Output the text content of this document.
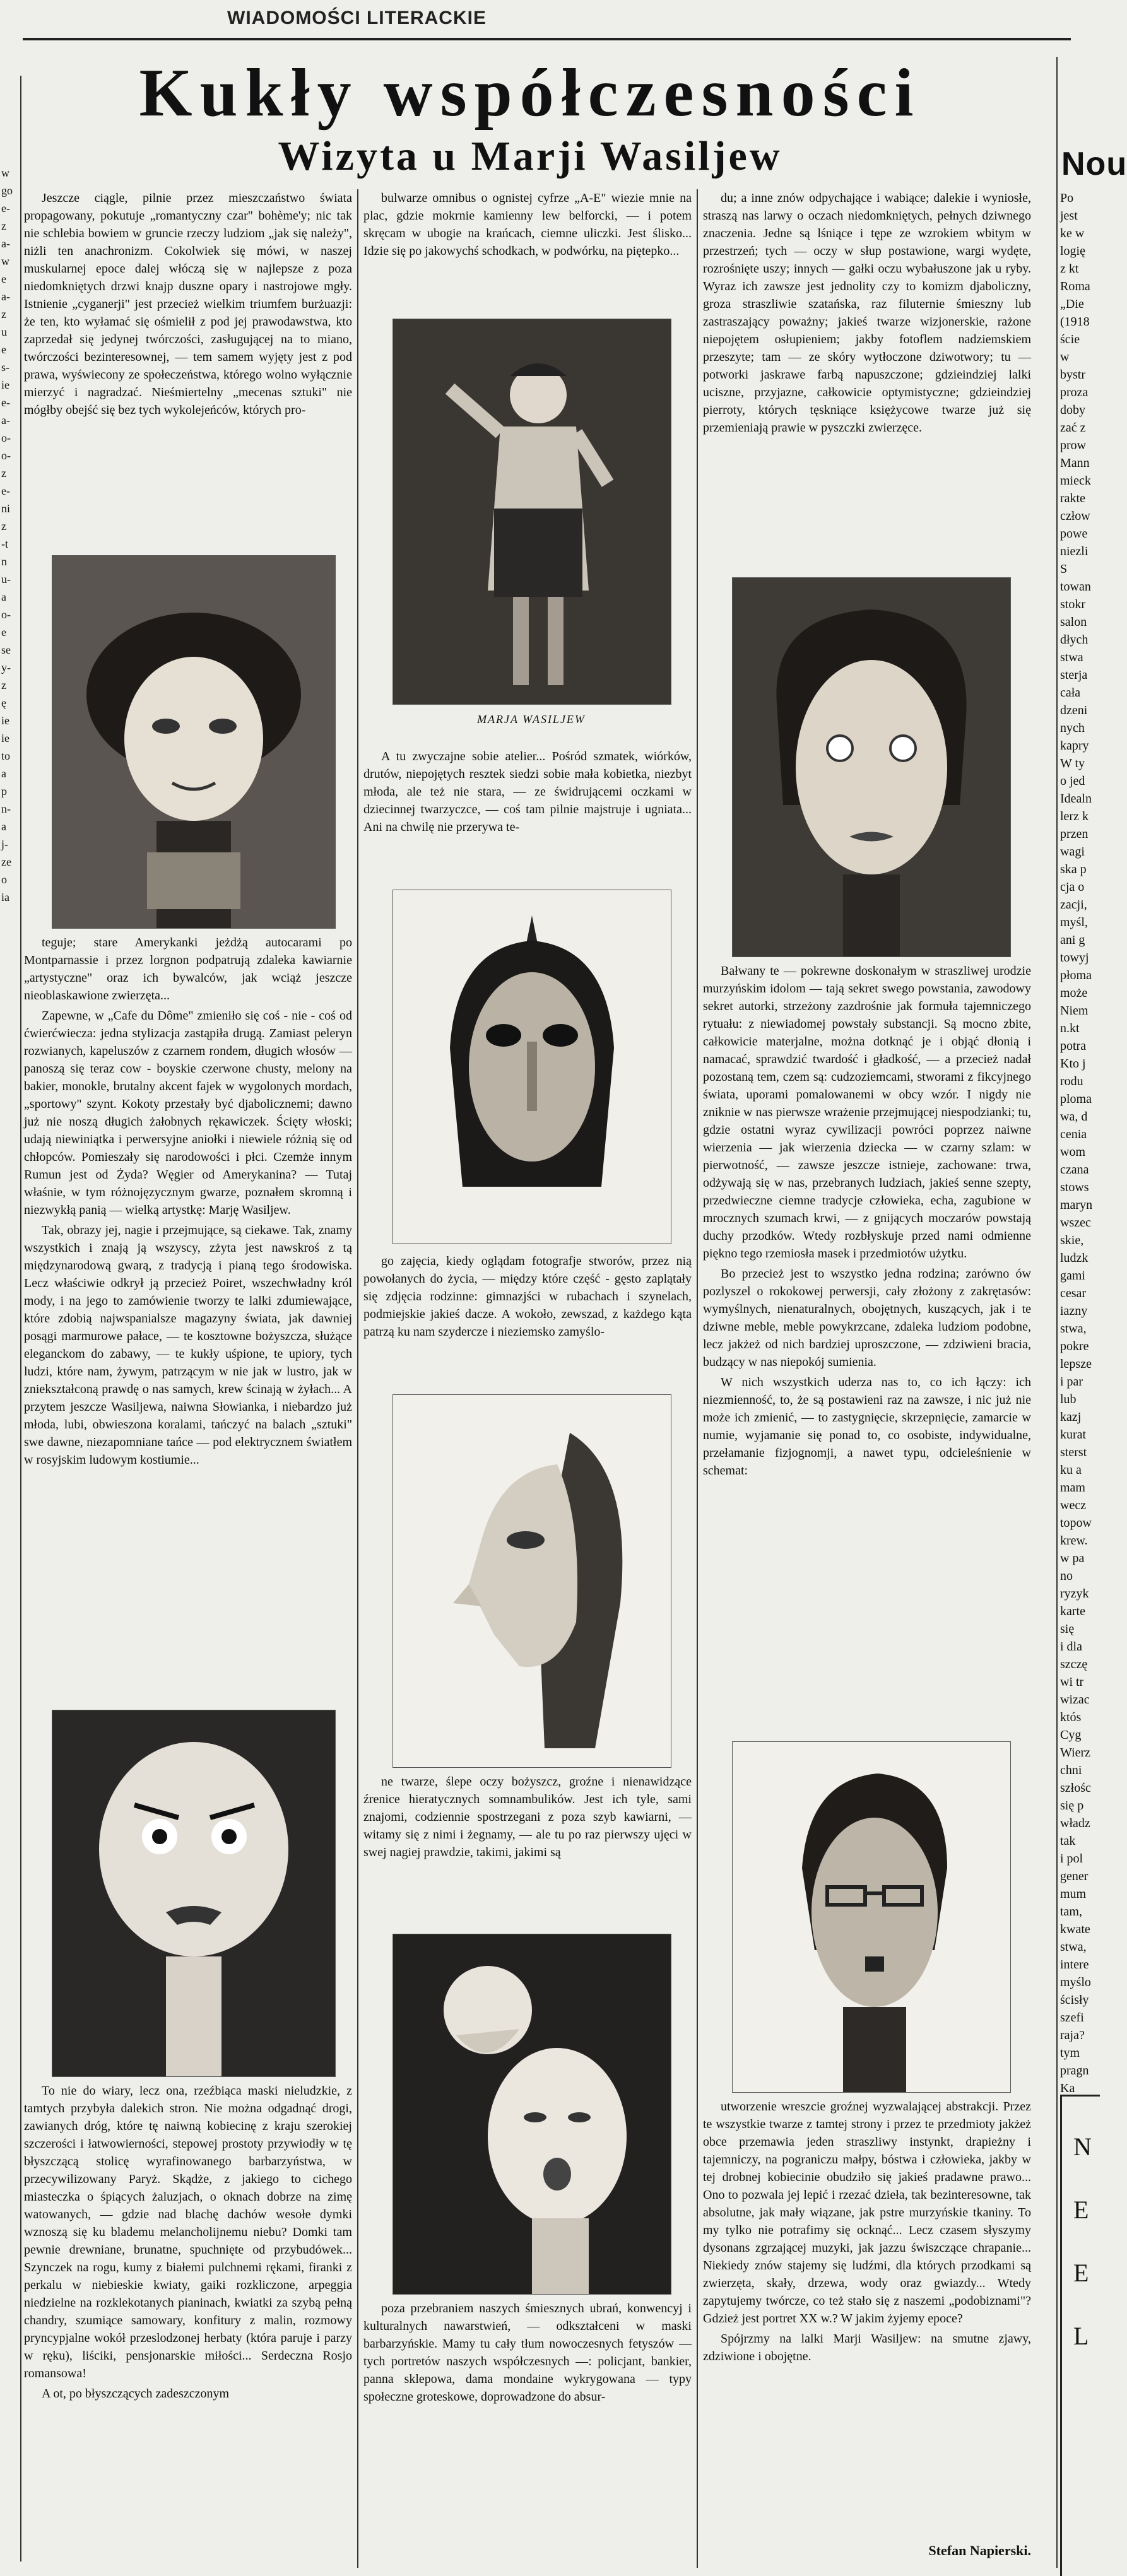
WIADOMOŚCI LITERACKIE
Kukły współczesności
Wizyta u Marji Wasiljew
w
go
e-
z
a-
w
e
a-
z
u
e
s-
ie
e-
a-
o-
o-
z
e-
ni
z
-t
n
u-
a
o-
e
se
y-
z
ę
ie
ie
to
a
p
n-
a
j-
ze
o
ia

Jeszcze ciągle, pilnie przez mieszczaństwo świata propagowany, pokutuje „romantyczny czar" bohème'y; nic tak nie schlebia bowiem w gruncie rzeczy ludziom „jak się należy", niżli ten anachronizm. Cokolwiek się mówi, w naszej muskularnej epoce dalej włóczą się w najlepsze z poza niedomkniętych drzwi knajp duszne opary i nastrojowe mgły. Istnienie „cyganerji" jest przecież wielkim triumfem burżuazji: że ten, kto wyłamać się ośmielił z pod jej prawodawstwa, kto zaprzedał się jedynej twórczości, zasługującej na to miano, twórczości bezinteresownej, — tem samem wyjęty jest z pod prawa, wyświecony ze społeczeństwa, którego wolno wyłącznie mierzyć i nagradzać. Nieśmiertelny „mecenas sztuki" nie mógłby obejść się bez tych wykolejeńców, których pro-

teguje; stare Amerykanki jeżdżą autocarami po Montparnassie i przez lorgnon podpatrują zdaleka kawiarnie „artystyczne" oraz ich bywalców, jak wciąż jeszcze nieoblaskawione zwierzęta...

Zapewne, w „Cafe du Dôme" zmieniło się coś - nie - coś od ćwierćwiecza: jedna stylizacja zastąpiła drugą. Zamiast peleryn rozwianych, kapeluszów z czarnem rondem, długich włosów — panoszą się teraz cow - boyskie czerwone chusty, melony na bakier, monokle, brutalny akcent fajek w wygolonych mordach, „sportowy" szynt. Kokoty przestały być djabolicznemi; dawno już nie noszą długich żałobnych rękawiczek. Ścięty włoski; udają niewiniątka i perwersyjne aniołki i niewiele różnią się od chłopców. Pomieszały się narodowości i płci. Czemże innym Rumun jest od Żyda? Węgier od Amerykanina? — Tutaj właśnie, w tym różnojęzycznym gwarze, poznałem skromną i niezwykłą panią — wielką artystkę: Marję Wasiljew.

Tak, obrazy jej, nagie i przejmujące, są ciekawe. Tak, znamy wszystkich i znają ją wszyscy, zżyta jest nawskroś z tą międzynarodową gwarą, z tradycją i pianą tego środowiska. Lecz właściwie odkrył ją przecież Poiret, wszechwładny król mody, i na jego to zamówienie tworzy te lalki zdumiewające, które zdobią najwspanialsze magazyny świata, jak dawniej posągi marmurowe pałace, — te kosztowne bożyszcza, służące eleganckom do zabawy, — te kukły uśpione, te upiory, tych ludzi, które nam, żywym, patrzącym w nie jak w lustro, jak w zniekształconą prawdę o nas samych, krew ścinają w żyłach... A przytem jeszcze Wasiljewa, naiwna Słowianka, i niebardzo już młoda, lubi, obwieszona koralami, tańczyć na balach „sztuki" swe dawne, niezapomniane tańce — pod elektrycznem światłem w rosyjskim ludowym kostiumie...

To nie do wiary, lecz ona, rzeźbiąca maski nieludzkie, z tamtych przybyła dalekich stron. Nie można odgadnąć drogi, zawianych dróg, które tę naiwną kobiecinę z kraju szerokiej szczerości i łatwowierności, stepowej prostoty przywiodły w tę błyszczącą stolicę wyrafinowanego barbarzyństwa, w przecywilizowany Paryż. Skądże, z jakiego to cichego miasteczka o śpiących żaluzjach, o oknach dobrze na zimę watowanych, — gdzie nad blachę dachów wesołe dymki wznoszą się ku blademu melancholijnemu niebu? Domki tam pewnie drewniane, brunatne, spuchnięte od przybudówek... Szynczek na rogu, kumy z białemi pulchnemi rękami, firanki z perkalu w niebieskie kwiaty, gaiki rozkliczone, arpeggia niedzielne na rozklekotanych pianinach, kwiatki za szybą pełną chandry, szumiące samowary, konfitury z malin, rozmowy pryncypjalne wokół przeslodzonej herbaty (która paruje i parzy w ręku), liściki, pensjonarskie miłości... Serdeczna Rosjo romansowa!

A ot, po błyszczących zadeszczonym

bulwarze omnibus o ognistej cyfrze „A-E" wiezie mnie na plac, gdzie mokrnie kamienny lew belforcki, — i potem skręcam w ubogie na krańcach, ciemne uliczki. Jest ślisko... Idzie się po jakowychś schodkach, w podwórku, na piętерko...

MARJA WASILJEW

A tu zwyczajne sobie atelier... Pośród szmatek, wiórków, drutów, niepojętych resztek siedzi sobie mała kobietka, niezbyt młoda, ale też nie stara, — ze świdrującemi oczkami w dziecinnej twarzyczce, — coś tam pilnie majstruje i ugniata... Ani na chwilę nie przerywa te-

go zajęcia, kiedy oglądam fotografje stworów, przez nią powołanych do życia, — między które część - gęsto zaplątały się zdjęcia rodzinne: gimnazjści w rubachach i szynelach, podmiejskie jakieś dacze. A wokoło, zewszad, z każdego kąta patrzą ku nam szyderczе i nieziemsko zamyślo-

ne twarze, ślepe oczy bożyszcz, groźne i nienawidzące źrenice hieratycznych somnambulików. Jest ich tyle, sami znajomi, codziennie spostrzegani z poza szyb kawiarni, — witamy się z nimi i żegnamy, — ale tu po raz pierwszy ujęci w swej nagiej prawdzie, takimi, jakimi są

poza przebraniem naszych śmiesznych ubrań, konwencyj i kulturalnych nawarstwień, — odkształceni w maski barbarzyńskie. Mamy tu cały tłum nowoczesnych fetyszów — tych portretów naszych współczesnych —: policjant, bankier, panna sklepowa, dama mondaine wykrygowana — typy społeczne groteskowe, doprowadzone do absur-

du; a inne znów odpychające i wabiące; dalekie i wyniosłe, straszą nas larwy o oczach niedomkniętych, pełnych dziwnego znaczenia. Jedne są lśniące i tępe ze wzrokiem wbitym w przestrzeń; tych — oczy w słup postawione, wargi wydęte, rozrośnięte uszy; innych — gałki oczu wybałuszone jak u ryby. Wyraz ich zawsze jest jednolity czy to komizm djaboliczny, groza straszliwie szatańska, raz filuternie śmieszny lub zastraszający poważny; jakieś twarze wizjonerskie, rażone niepojętem osłupieniem; jakby fotoflem nadziemskiem przeszyte; tam — ze skóry wytłoczone dziwotwory; tu — potworki jaskrawe farbą napuszczone; gdzieindziej lalki uciszne, przyjazne, całkowicie optymistyczne; gdzieindziej pierroty, których tęskniące księżycowe twarze już się przemieniają prawie w pyszczki zwierzęce.

Bałwany te — pokrewne doskonałym w straszliwej urodzie murzyńskim idolom — tają sekret swego powstania, zawodowy sekret autorki, strzeżony zazdrośnie jak formuła tajemniczego rytuału: z niewiadomej powstały substancji. Są mocno zbite, całkowicie materjalne, można dotknąć je i objąć dłonią i namacać, sprawdzić twardość i gładkość, — a przecież nadał pozostaną tem, czem są: cudzoziemcami, stworami z fikcyjnego świata, uporami pomalowanemi w obcy wzór. I nigdy nie zniknie w nas pierwsze wrażenie przejmującej niespodzianki; tu, gdzie ostatni wyraz cywilizacji powróci poprzez naiwne wierzenia — jak wierzenia dziecka — w czarny szlam: w pierwotność, — zawsze jeszcze istnieje, zachowane: trwa, odżywają się w nas, przebranych ludziach, jakieś senne szepty, przedwieczne ciemne tradycje człowieka, echa, zagubione w mrocznych szumach krwi, — z gnijących moczarów powstają duchy przodków. Wtedy rozbłyskuje przed nami odmienne piękno tego rzemiosła masek i przedmiotów użytku.

Bo przecież jest to wszystko jedna rodzina; zarówno ów pozlyszel o rokokowej perwersji, cały złożony z zakrętasów: wymyślnych, nienaturalnych, obojętnych, kuszących, jak i te dziwne meble, meble powykrzcane, zdaleka ludziom podobne, lecz jakżeż od nich bardziej uproszczone, — zdziwieni bracia, budzący w nas niepokój sumienia.

W nich wszystkich uderza nas to, co ich łączy: ich niezmienność, to, że są postawieni raz na zawsze, i nic już nie może ich zmienić, — to zastygnięcie, skrzepnięcie, zamarcie w numie, wyjamanie się ponad to, co osobiste, indywidualne, przełamanie fizjognomji, a nawet typu, odcieleśnienie w schemat:

utworzenie wreszcie groźnej wyzwalającej abstrakcji. Przez te wszystkie twarze z tamtej strony i przez te przedmioty jakżeż obce przemawia jeden straszliwy instynkt, drapieżny i tajemniczy, na pograniczu małpy, bóstwa i człowieka, jakby w tej drobnej kobiecinie obudziło się jakieś pradawne prawo... Ono to pozwala jej lepić i rzezać dzieła, tak bezinteresowne, tak absolutne, jak mały wiązane, jak pstre murzyńskie tkaniny. To my tylko nie potrafimy się ocknąć... Lecz czasem słyszymy dysonans zgrzającej muzyki, jak jazzu świszczące chrapanie... Niekiedy znów stajemy się ludźmi, dla których przodkami są zwierzęta, skały, drzewa, wody oraz gwiazdy... Wtedy zapytujemy twórcze, co też stało się z naszemi „podobiznami"? Gdzież jest portret XX w.? W jakim żyjemy epoce?

Spójrzmy na lalki Marji Wasiljew: na smutne zjawy, zdziwione i obojętne.

Stefan Napierski.
Nou
Po
jest
ke w
logię
z kt
Roma
„Die
(1918
ście
w
bystr
proza
doby
zać z
prow
Mann
mieck
rakte
człow
powe
niezli
S
towan
stokr
salon
dłych
stwa
sterja
cała
dzeni
nych
kapry
W ty
o jed
Idealn
lerz k
przen
wagi
ska p
cja o
zacji,
myśl,
ani g
towyj
płoma
może
Niem
n.kt
potra
Kto j
rodu
ploma
wa, d
cenia
wom
czana
stows
maryn
wszec
skie,
ludzk
gami
cesar
iazny
stwa,
pokre
lepsze
i par
lub
kazj
kurat
sterst
ku a
mam
wecz
topow
krew.
w pa
no
ryzyk
karte
się
i dla
szczę
wi tr
wizac
któs
Cyg
Wierz
chni
szłośc
się p
władz
tak
i pol
gener
mum
tam,
kwate
stwa,
intere
myślo
ścisły
szefi
raja?
tym
pragn
Ka
N
E
E
L
